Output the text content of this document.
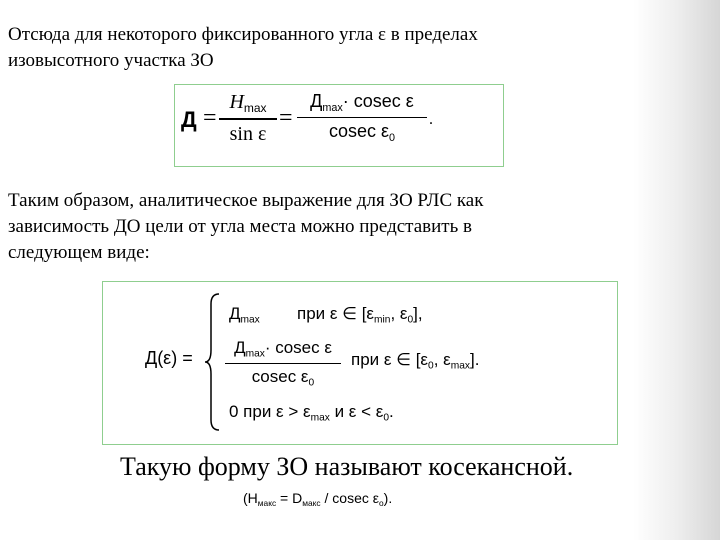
Отсюда для некоторого фиксированного угла ε в пределах
изовысотного участка ЗО

Д =
$H_{max}$
sin ε
=
$Д_{max}\cdot cosec$ ε
cosec $\varepsilon_0$
.

Таким образом, аналитическое выражение для ЗО РЛС как
зависимость ДО цели от угла места можно представить в
следующем виде:

Д(ε) =
$Д_{max}$ при ε ∈ [$\varepsilon_{min}$, $\varepsilon_0$],
$Д_{max}\cdot cosec$ ε
cosec $\varepsilon_0$
при ε ∈ [$\varepsilon_0$, $\varepsilon_{max}$].
0 при $\varepsilon > \varepsilon_{max}$ и $\varepsilon < \varepsilon_0$.
Такую форму ЗО называют косекансной.
($H_{макс} = D_{макс} / cosec$ $\varepsilon_о$).
